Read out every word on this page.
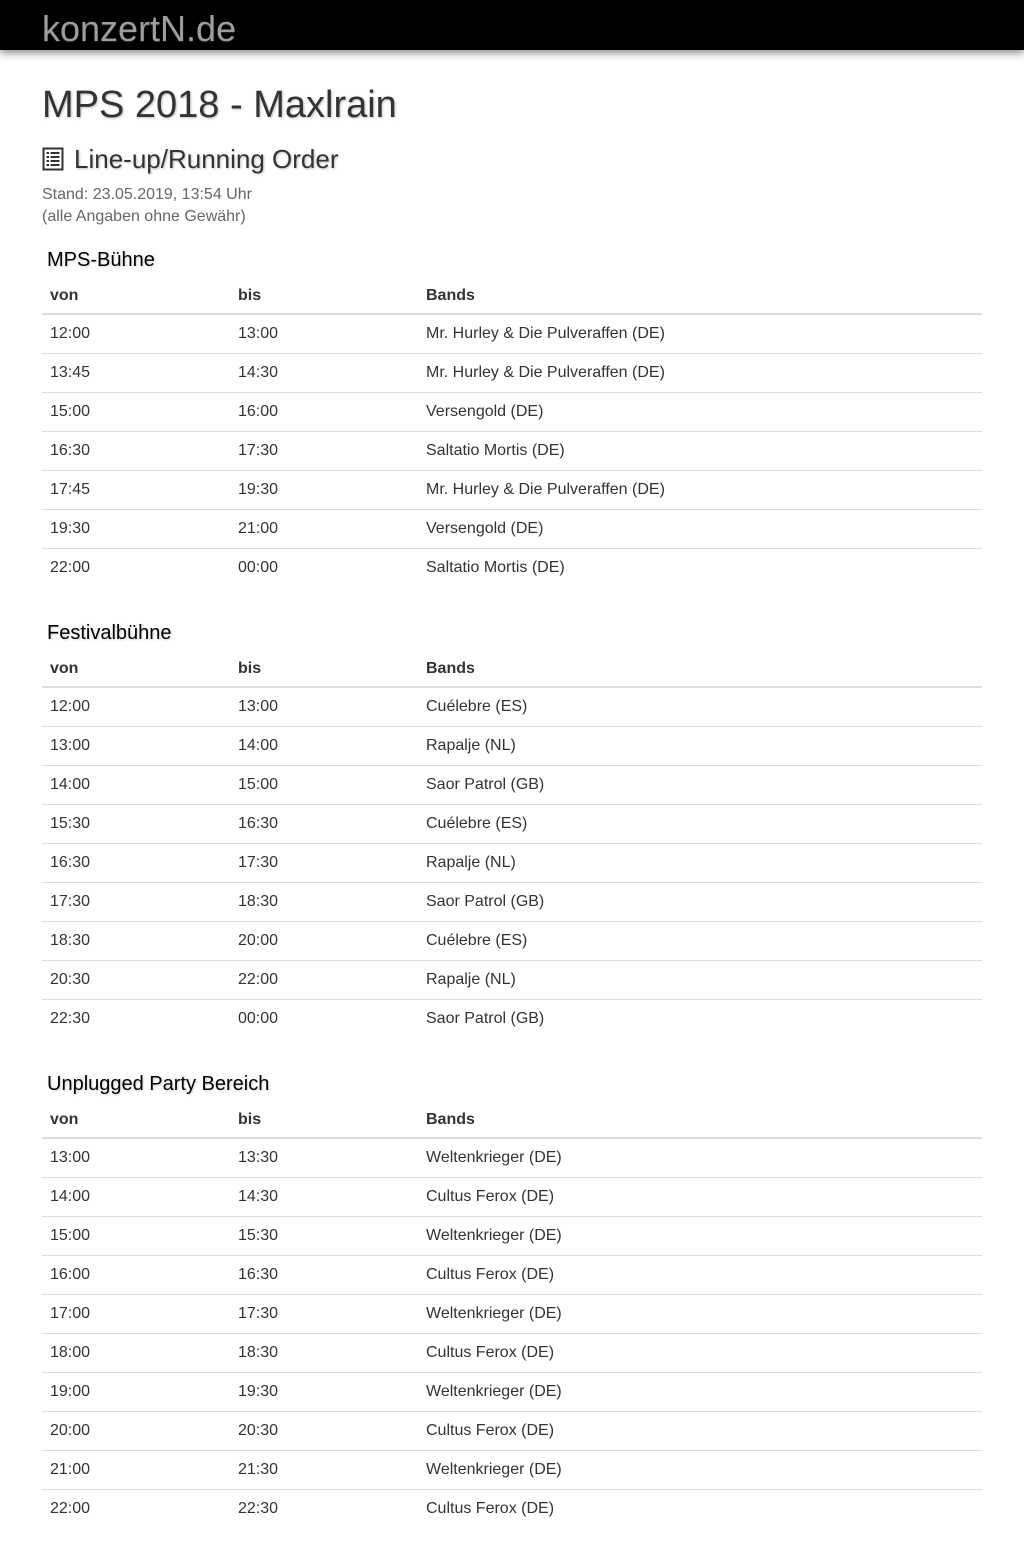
konzertN.de
MPS 2018 - Maxlrain
Line-up/Running Order
Stand: 23.05.2019, 13:54 Uhr
(alle Angaben ohne Gewähr)
MPS-Bühne
von	bis	Bands
12:00	13:00	Mr. Hurley & Die Pulveraffen (DE)
13:45	14:30	Mr. Hurley & Die Pulveraffen (DE)
15:00	16:00	Versengold (DE)
16:30	17:30	Saltatio Mortis (DE)
17:45	19:30	Mr. Hurley & Die Pulveraffen (DE)
19:30	21:00	Versengold (DE)
22:00	00:00	Saltatio Mortis (DE)
Festivalbühne
von	bis	Bands
12:00	13:00	Cuélebre (ES)
13:00	14:00	Rapalje (NL)
14:00	15:00	Saor Patrol (GB)
15:30	16:30	Cuélebre (ES)
16:30	17:30	Rapalje (NL)
17:30	18:30	Saor Patrol (GB)
18:30	20:00	Cuélebre (ES)
20:30	22:00	Rapalje (NL)
22:30	00:00	Saor Patrol (GB)
Unplugged Party Bereich
von	bis	Bands
13:00	13:30	Weltenkrieger (DE)
14:00	14:30	Cultus Ferox (DE)
15:00	15:30	Weltenkrieger (DE)
16:00	16:30	Cultus Ferox (DE)
17:00	17:30	Weltenkrieger (DE)
18:00	18:30	Cultus Ferox (DE)
19:00	19:30	Weltenkrieger (DE)
20:00	20:30	Cultus Ferox (DE)
21:00	21:30	Weltenkrieger (DE)
22:00	22:30	Cultus Ferox (DE)
